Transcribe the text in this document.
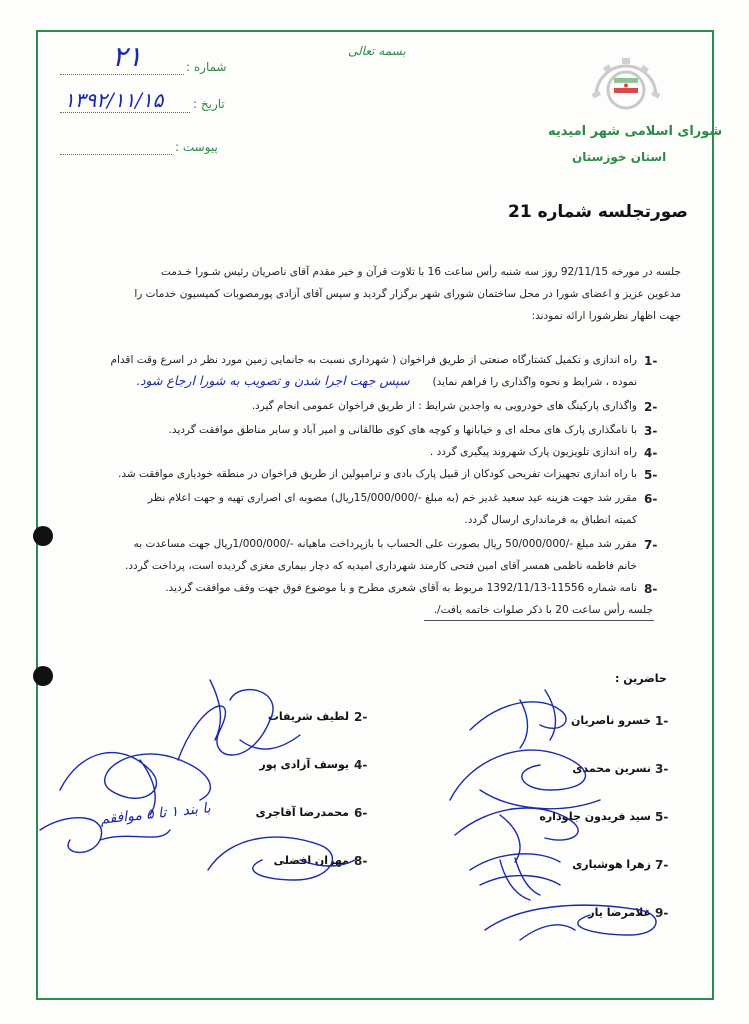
شماره :
۲۱
تاریخ :
۱۳۹۲/۱۱/۱۵
پیوست :
بسمه تعالی
شورای اسلامی شهر امیدیه
استان خوزستان
صورتجلسه شماره 21
جلسه در مورخه 92/11/15 روز سه شنبه رأس ساعت 16 با تلاوت قرآن و خیر مقدم آقای ناصریان رئیس شـورا خـدمت
مدعوین عزیز و اعضای شورا در محل ساختمان شورای شهر برگزار گردید و سپس آقای آزادی پورمصوبات کمیسیون خدمات را
جهت اظهار نظرشورا ارائه نمودند:
1-
راه اندازی و تکمیل کشتارگاه صنعتی از طریق فراخوان ( شهرداری نسبت به جانمایی زمین مورد نظر در اسرع وقت اقدام
نموده ، شرایط و نحوه واگذاری را فراهم نماید)
سپس جهت اجرا شدن و تصویب به شورا ارجاع شود.
2-
واگذاری پارکینگ های خودرویی به واجدین شرایط : از طریق فراخوان عمومی انجام گیرد.
3-
با نامگذاری پارک های محله ای و خیابانها و کوچه های کوی طالقانی و امیر آباد و سایر مناطق موافقت گردید.
4-
راه اندازی تلویزیون پارک شهروند پیگیری گردد .
5-
با راه اندازی تجهیزات تفریحی کودکان از قبیل پارک بادی و ترامپولین از طریق فراخوان در منطقه خودیاری موافقت شد.
6-
مقرر شد جهت هزینه عید سعید غدیر خم (به مبلغ -/15/000/000ریال) مصوبه ای اصراری تهیه و جهت اعلام نظر
کمیته انطباق به فرمانداری ارسال گردد.
7-
مقرر شد مبلغ -/50/000/000 ریال بصورت علی الحساب با بازپرداخت ماهیانه -/1/000/000ریال جهت مساعدت به
خانم فاطمه ناظمی همسر آقای امین فتحی کارمند شهرداری امیدیه که دچار بیماری مغزی گردیده است، پرداخت گردد.
8-
نامه شماره 11556-1392/11/13 مربوط به آقای شعری مطرح و با موضوع فوق جهت وقف موافقت گردید.
جلسه رأس ساعت 20 با ذکر صلوات خاتمه یافت/.
حاضرین :
1-
خسرو ناصریان
3-
نسرین محمدی
5-
سید فریدون جلوداره
7-
زهرا هوشیاری
9-
غلامرضا یار
2-
لطیف شریفات
4-
یوسف آزادی پور
6-
محمدرضا آقاجری
8-
مهران افضلی
با بند ۱ تا ۵ موافقم
